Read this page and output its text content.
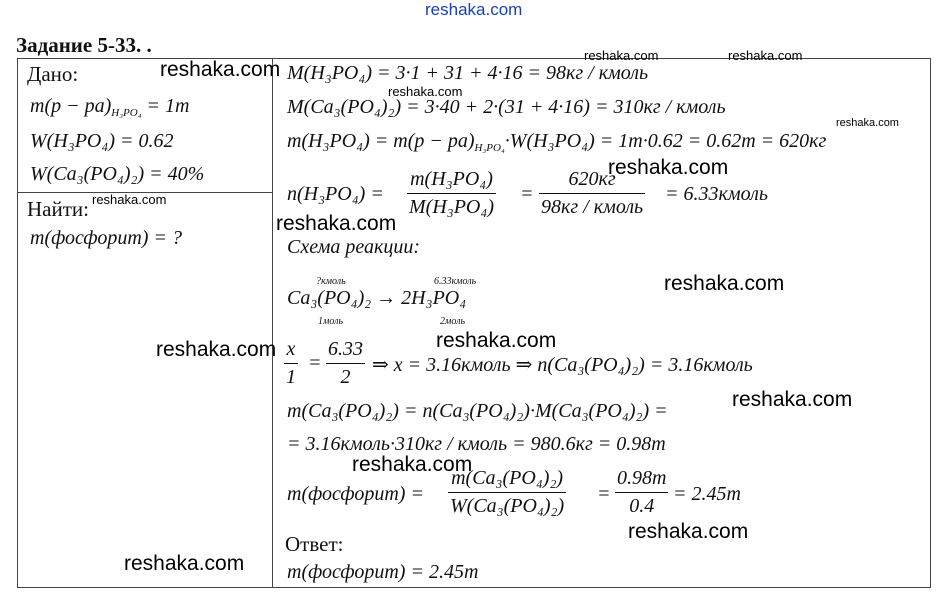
reshaka.com
Задание 5-33. .
Дано:
$m(р - ра)_{H_3PO_4} = 1т$
W(H₃PO₄) = 0.62
W(Ca₃(PO₄)₂) = 40%
Найти:
m(фосфорит) = ?
M(H₃PO₄) = 3·1 + 31 + 4·16 = 98кг / кмоль
M(Ca₃(PO₄)₂) = 3·40 + 2·(31 + 4·16) = 310кг / кмоль
$m(H_3PO_4) = m(р - ра)_{H_3PO_4}\cdot W(H_3PO_4) = 1т\cdot 0.62 = 0.62т = 620кг$
n(H₃PO₄) =
m(H₃PO₄)
M(H₃PO₄)
=
620кг
98кг / кмоль
= 6.33кмоль
Схема реакции:
?кмоль	6.33кмоль
Ca₃(PO₄)₂ → 2H₃PO₄
1моль	2моль
x
1
=
6.33
2
⇒ x = 3.16кмоль ⇒ n(Ca₃(PO₄)₂) = 3.16кмоль
m(Ca₃(PO₄)₂) = n(Ca₃(PO₄)₂)·M(Ca₃(PO₄)₂) =
= 3.16кмоль·310кг / кмоль = 980.6кг = 0.98т
m(фосфорит) =
m(Ca₃(PO₄)₂)
W(Ca₃(PO₄)₂)
=
0.98т
0.4
= 2.45т
Ответ:
m(фосфорит) = 2.45т
reshaka.com
reshaka.com	reshaka.com
reshaka.com
reshaka.com
reshaka.com
reshaka.com
reshaka.com
reshaka.com
reshaka.com
reshaka.com
reshaka.com
reshaka.com
reshaka.com
reshaka.com
